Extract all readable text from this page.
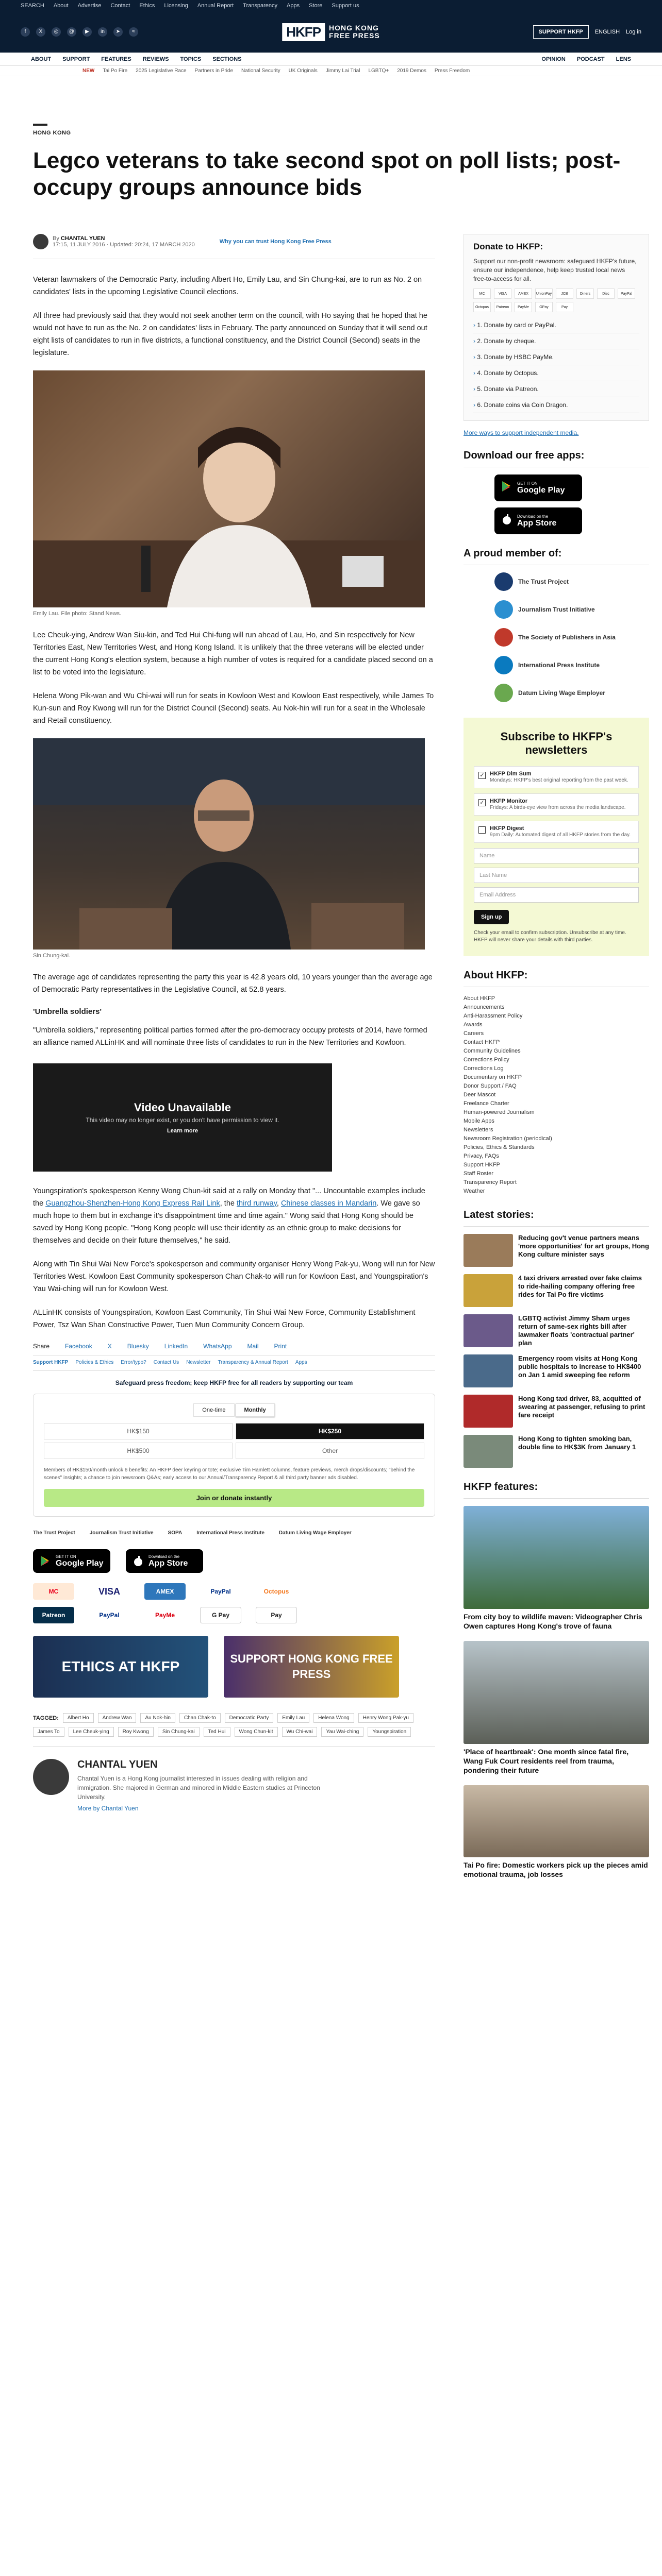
SEARCH About Advertise Contact Ethics Licensing Annual Report Transparency Apps Store Support us
f	X	◎	@	▶	in	➤	≈	HKFP	HONG KONG
FREE PRESS	SUPPORT HKFP	ENGLISH Log in
ABOUT SUPPORT FEATURES REVIEWS TOPICS SECTIONS	OPINION PODCAST LENS
NEW Tai Po Fire 2025 Legislative Race Partners in Pride National Security UK Originals Jimmy Lai Trial LGBTQ+ 2019 Demos Press Freedom
HONG KONG
Legco veterans to take second spot on poll lists; post-occupy groups announce bids
By CHANTAL YUEN
17:15, 11 JULY 2016 · Updated: 20:24, 17 MARCH 2020	Why you can trust Hong Kong Free Press

Veteran lawmakers of the Democratic Party, including Albert Ho, Emily Lau, and Sin Chung-kai, are to run as No. 2 on candidates' lists in the upcoming Legislative Council elections.

All three had previously said that they would not seek another term on the council, with Ho saying that he hoped that he would not have to run as the No. 2 on candidates' lists in February. The party announced on Sunday that it will send out eight lists of candidates to run in five districts, a functional constituency, and the District Council (Second) seats in the legislature.

Emily Lau. File photo: Stand News.

Lee Cheuk-ying, Andrew Wan Siu-kin, and Ted Hui Chi-fung will run ahead of Lau, Ho, and Sin respectively for New Territories East, New Territories West, and Hong Kong Island. It is unlikely that the three veterans will be elected under the current Hong Kong's election system, because a high number of votes is required for a candidate placed second on a list to be voted into the legislature.

Helena Wong Pik-wan and Wu Chi-wai will run for seats in Kowloon West and Kowloon East respectively, while James To Kun-sun and Roy Kwong will run for the District Council (Second) seats. Au Nok-hin will run for a seat in the Wholesale and Retail constituency.

Sin Chung-kai.

The average age of candidates representing the party this year is 42.8 years old, 10 years younger than the average age of Democratic Party representatives in the Legislative Council, at 52.8 years.

'Umbrella soldiers'

"Umbrella soldiers," representing political parties formed after the pro-democracy occupy protests of 2014, have formed an alliance named ALLinHK and will nominate three lists of candidates to run in the New Territories and Kowloon.

Video Unavailable
This video may no longer exist, or you don't have permission to view it.
Learn more

Youngspiration's spokesperson Kenny Wong Chun-kit said at a rally on Monday that "... Uncountable examples include the Guangzhou-Shenzhen-Hong Kong Express Rail Link, the third runway, Chinese classes in Mandarin. We gave so much hope to them but in exchange it's disappointment time and time again." Wong said that Hong Kong should be saved by Hong Kong people. "Hong Kong people will use their identity as an ethnic group to make decisions for themselves and decide on their future themselves," he said.

Along with Tin Shui Wai New Force's spokesperson and community organiser Henry Wong Pak-yu, Wong will run for New Territories West. Kowloon East Community spokesperson Chan Chak-to will run for Kowloon East, and Youngspiration's Yau Wai-ching will run for Kowloon West.

ALLinHK consists of Youngspiration, Kowloon East Community, Tin Shui Wai New Force, Community Establishment Power, Tsz Wan Shan Constructive Power, Tuen Mun Community Concern Group.

Share	Facebook	X	Bluesky	LinkedIn	WhatsApp	Mail	Print
Support HKFP Policies & Ethics Error/typo? Contact Us Newsletter Transparency & Annual Report Apps
Safeguard press freedom; keep HKFP free for all readers by supporting our team
One-time	Monthly
HK$150	HK$250
HK$500	Other
Members of HK$150/month unlock 6 benefits: An HKFP deer keyring or tote; exclusive Tim Hamlett columns, feature previews, merch drops/discounts; "behind the scenes" insights; a chance to join newsroom Q&As; early access to our Annual/Transparency Report & all third party banner ads disabled.
Join or donate instantly
The Trust Project	Journalism Trust Initiative	SOPA	International Press Institute	Datum Living Wage Employer
GET IT ON
Google Play
Download on the
App Store
MC	VISA	AMEX	PayPal	Octopus
Patreon	PayPal	PayMe	G Pay	Pay
ETHICS AT HKFP	SUPPORT HONG KONG FREE PRESS
TAGGED:	Albert Ho	Andrew Wan	Au Nok-hin	Chan Chak-to	Democratic Party	Emily Lau	Helena Wong	Henry Wong Pak-yu
James To	Lee Cheuk-ying	Roy Kwong	Sin Chung-kai	Ted Hui	Wong Chun-kit	Wu Chi-wai	Yau Wai-ching	Youngspiration
CHANTAL YUEN
Chantal Yuen is a Hong Kong journalist interested in issues dealing with religion and immigration. She majored in German and minored in Middle Eastern studies at Princeton University.
More by Chantal Yuen
Donate to HKFP:
Support our non-profit newsroom: safeguard HKFP's future, ensure our independence, help keep trusted local news free-to-access for all.
MC	VISA	AMEX	UnionPay	JCB	Diners	Disc	PayPal
Octopus	Patreon	PayMe	GPay	Pay
› 1. Donate by card or PayPal.
› 2. Donate by cheque.
› 3. Donate by HSBC PayMe.
› 4. Donate by Octopus.
› 5. Donate via Patreon.
› 6. Donate coins via Coin Dragon.
More ways to support independent media.
Download our free apps:
GET IT ON
Google Play
Download on the
App Store
A proud member of:
The Trust Project
Journalism Trust Initiative
The Society of Publishers in Asia
International Press Institute
Datum Living Wage Employer
Subscribe to HKFP's newsletters
✓ HKFP Dim Sum
Mondays: HKFP's best original reporting from the past week.
✓ HKFP Monitor
Fridays: A birds-eye view from across the media landscape.
HKFP Digest
9pm Daily: Automated digest of all HKFP stories from the day.
Name
Last Name
Email Address
Sign up
Check your email to confirm subscription. Unsubscribe at any time. HKFP will never share your details with third parties.
About HKFP:
About HKFP
Announcements
Anti-Harassment Policy
Awards
Careers
Contact HKFP
Community Guidelines
Corrections Policy
Corrections Log
Documentary on HKFP
Donor Support / FAQ
Deer Mascot
Freelance Charter
Human-powered Journalism
Mobile Apps
Newsletters
Newsroom Registration (periodical)
Policies, Ethics & Standards
Privacy, FAQs
Support HKFP
Staff Roster
Transparency Report
Weather
Latest stories:
Reducing gov't venue partners means 'more opportunities' for art groups, Hong Kong culture minister says
4 taxi drivers arrested over fake claims to ride-hailing company offering free rides for Tai Po fire victims
LGBTQ activist Jimmy Sham urges return of same-sex rights bill after lawmaker floats 'contractual partner' plan
Emergency room visits at Hong Kong public hospitals to increase to HK$400 on Jan 1 amid sweeping fee reform
Hong Kong taxi driver, 83, acquitted of swearing at passenger, refusing to print fare receipt
Hong Kong to tighten smoking ban, double fine to HK$3K from January 1
HKFP features:
From city boy to wildlife maven: Videographer Chris Owen captures Hong Kong's trove of fauna
'Place of heartbreak': One month since fatal fire, Wang Fuk Court residents reel from trauma, pondering their future
Tai Po fire: Domestic workers pick up the pieces amid emotional trauma, job losses
